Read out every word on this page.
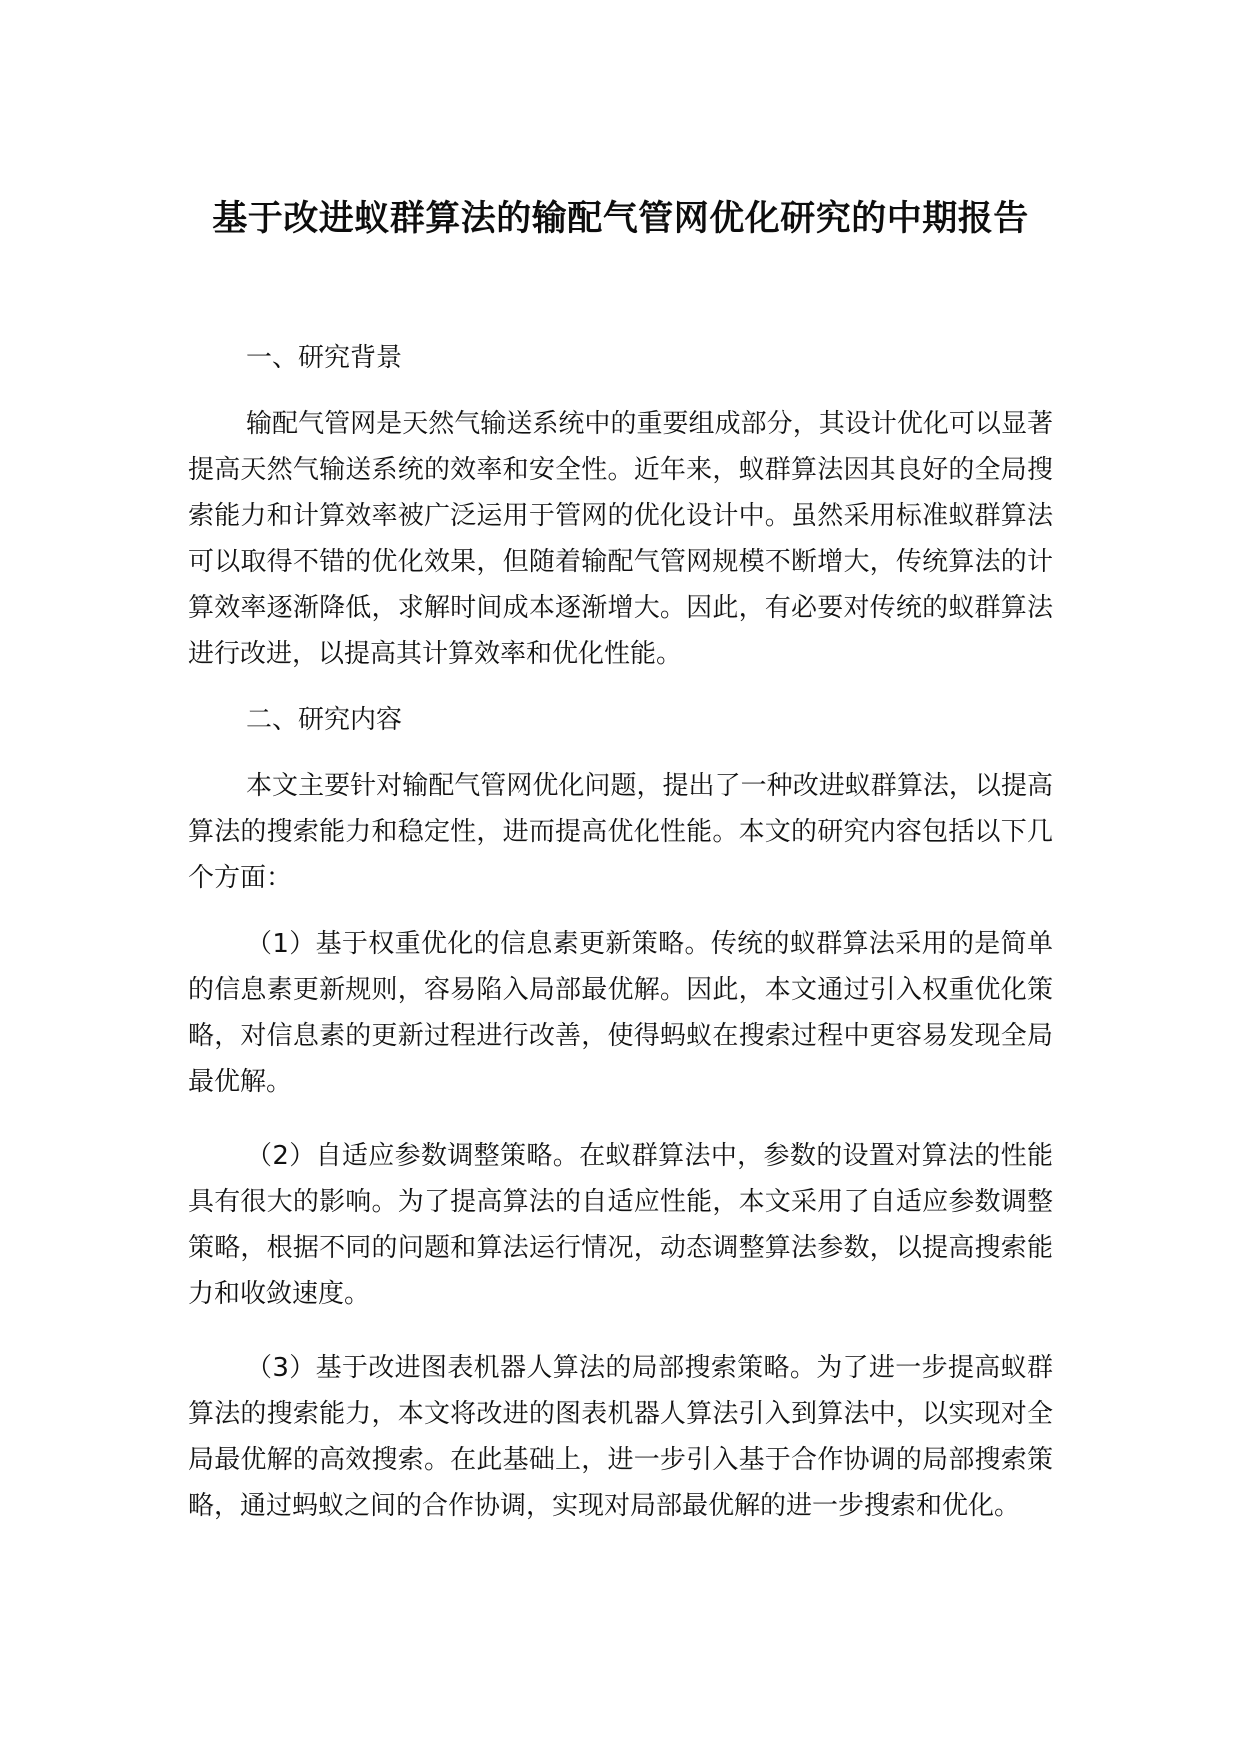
基于改进蚁群算法的输配气管网优化研究的中期报告
一、研究背景

输配气管网是天然气输送系统中的重要组成部分，其设计优化可以显著提高天然气输送系统的效率和安全性。近年来，蚁群算法因其良好的全局搜索能力和计算效率被广泛运用于管网的优化设计中。虽然采用标准蚁群算法可以取得不错的优化效果，但随着输配气管网规模不断增大，传统算法的计算效率逐渐降低，求解时间成本逐渐增大。因此，有必要对传统的蚁群算法进行改进，以提高其计算效率和优化性能。

二、研究内容

本文主要针对输配气管网优化问题，提出了一种改进蚁群算法，以提高算法的搜索能力和稳定性，进而提高优化性能。本文的研究内容包括以下几个方面：

（1）基于权重优化的信息素更新策略。传统的蚁群算法采用的是简单的信息素更新规则，容易陷入局部最优解。因此，本文通过引入权重优化策略，对信息素的更新过程进行改善，使得蚂蚁在搜索过程中更容易发现全局最优解。

（2）自适应参数调整策略。在蚁群算法中，参数的设置对算法的性能具有很大的影响。为了提高算法的自适应性能，本文采用了自适应参数调整策略，根据不同的问题和算法运行情况，动态调整算法参数，以提高搜索能力和收敛速度。

（3）基于改进图表机器人算法的局部搜索策略。为了进一步提高蚁群算法的搜索能力，本文将改进的图表机器人算法引入到算法中，以实现对全局最优解的高效搜索。在此基础上，进一步引入基于合作协调的局部搜索策略，通过蚂蚁之间的合作协调，实现对局部最优解的进一步搜索和优化。
